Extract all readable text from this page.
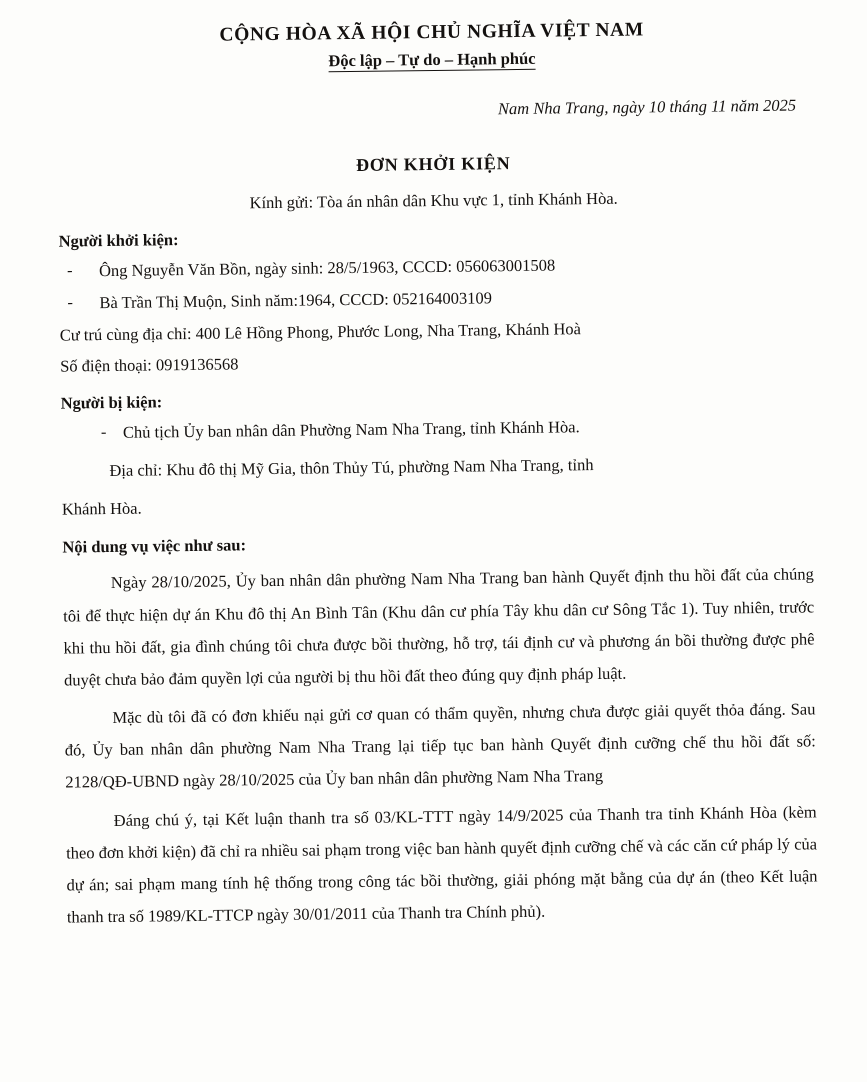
CỘNG HÒA XÃ HỘI CHỦ NGHĨA VIỆT NAM
Độc lập – Tự do – Hạnh phúc
Nam Nha Trang, ngày 10 tháng 11 năm 2025
ĐƠN KHỞI KIỆN
Kính gửi: Tòa án nhân dân Khu vực 1, tỉnh Khánh Hòa.
Người khởi kiện:
- Ông Nguyễn Văn Bồn, ngày sinh: 28/5/1963, CCCD: 056063001508
- Bà Trần Thị Muộn, Sinh năm:1964, CCCD: 052164003109
Cư trú cùng địa chỉ: 400 Lê Hồng Phong, Phước Long, Nha Trang, Khánh Hoà
Số điện thoại: 0919136568
Người bị kiện:
- Chủ tịch Ủy ban nhân dân Phường Nam Nha Trang, tỉnh Khánh Hòa.
Địa chỉ: Khu đô thị Mỹ Gia, thôn Thủy Tú, phường Nam Nha Trang, tỉnh
Khánh Hòa.
Nội dung vụ việc như sau:
Ngày 28/10/2025, Ủy ban nhân dân phường Nam Nha Trang ban hành Quyết định thu hồi đất của chúng tôi để thực hiện dự án Khu đô thị An Bình Tân (Khu dân cư phía Tây khu dân cư Sông Tắc 1). Tuy nhiên, trước khi thu hồi đất, gia đình chúng tôi chưa được bồi thường, hỗ trợ, tái định cư và phương án bồi thường được phê duyệt chưa bảo đảm quyền lợi của người bị thu hồi đất theo đúng quy định pháp luật.
Mặc dù tôi đã có đơn khiếu nại gửi cơ quan có thẩm quyền, nhưng chưa được giải quyết thỏa đáng. Sau đó, Ủy ban nhân dân phường Nam Nha Trang lại tiếp tục ban hành Quyết định cưỡng chế thu hồi đất số: 2128/QĐ-UBND ngày 28/10/2025 của Ủy ban nhân dân phường Nam Nha Trang
Đáng chú ý, tại Kết luận thanh tra số 03/KL-TTT ngày 14/9/2025 của Thanh tra tỉnh Khánh Hòa (kèm theo đơn khởi kiện) đã chỉ ra nhiều sai phạm trong việc ban hành quyết định cưỡng chế và các căn cứ pháp lý của dự án; sai phạm mang tính hệ thống trong công tác bồi thường, giải phóng mặt bằng của dự án (theo Kết luận thanh tra số 1989/KL-TTCP ngày 30/01/2011 của Thanh tra Chính phủ).
